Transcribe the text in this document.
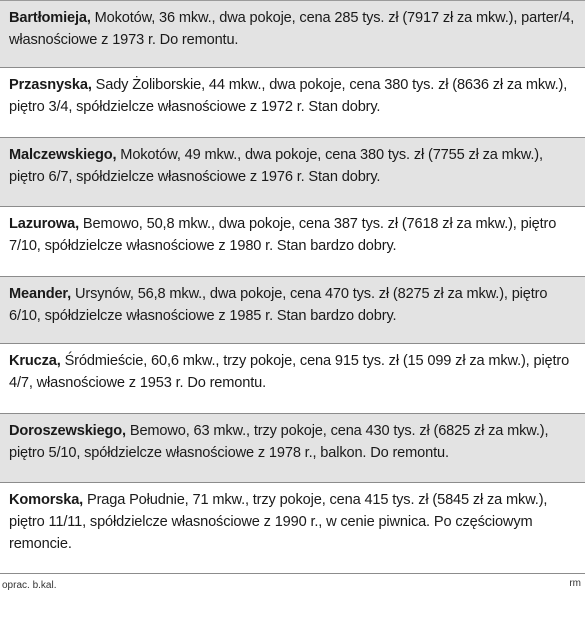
Bartłomieja, Mokotów, 36 mkw., dwa pokoje, cena 285 tys. zł (7917 zł za mkw.), parter/4, własnościowe z 1973 r. Do remontu.
Przasnyska, Sady Żoliborskie, 44 mkw., dwa pokoje, cena 380 tys. zł (8636 zł za mkw.), piętro 3/4, spółdzielcze własnościowe z 1972 r. Stan dobry.
Malczewskiego, Mokotów, 49 mkw., dwa pokoje, cena 380 tys. zł (7755 zł za mkw.), piętro 6/7, spółdzielcze własnościowe z 1976 r. Stan dobry.
Lazurowa, Bemowo, 50,8 mkw., dwa pokoje, cena 387 tys. zł (7618 zł za mkw.), piętro 7/10, spółdzielcze własnościowe z 1980 r. Stan bardzo dobry.
Meander, Ursynów, 56,8 mkw., dwa pokoje, cena 470 tys. zł (8275 zł za mkw.), piętro 6/10, spółdzielcze własnościowe z 1985 r. Stan bardzo dobry.
Krucza, Śródmieście, 60,6 mkw., trzy pokoje, cena 915 tys. zł (15 099 zł za mkw.), piętro 4/7, własnościowe z 1953 r. Do remontu.
Doroszewskiego, Bemowo, 63 mkw., trzy pokoje, cena 430 tys. zł (6825 zł za mkw.), piętro 5/10, spółdzielcze własnościowe z 1978 r., balkon. Do remontu.
Komorska, Praga Południe, 71 mkw., trzy pokoje, cena 415 tys. zł (5845 zł za mkw.), piętro 11/11, spółdzielcze własnościowe z 1990 r., w cenie piwnica. Po częściowym remoncie.
oprac. b.kal.	rm
